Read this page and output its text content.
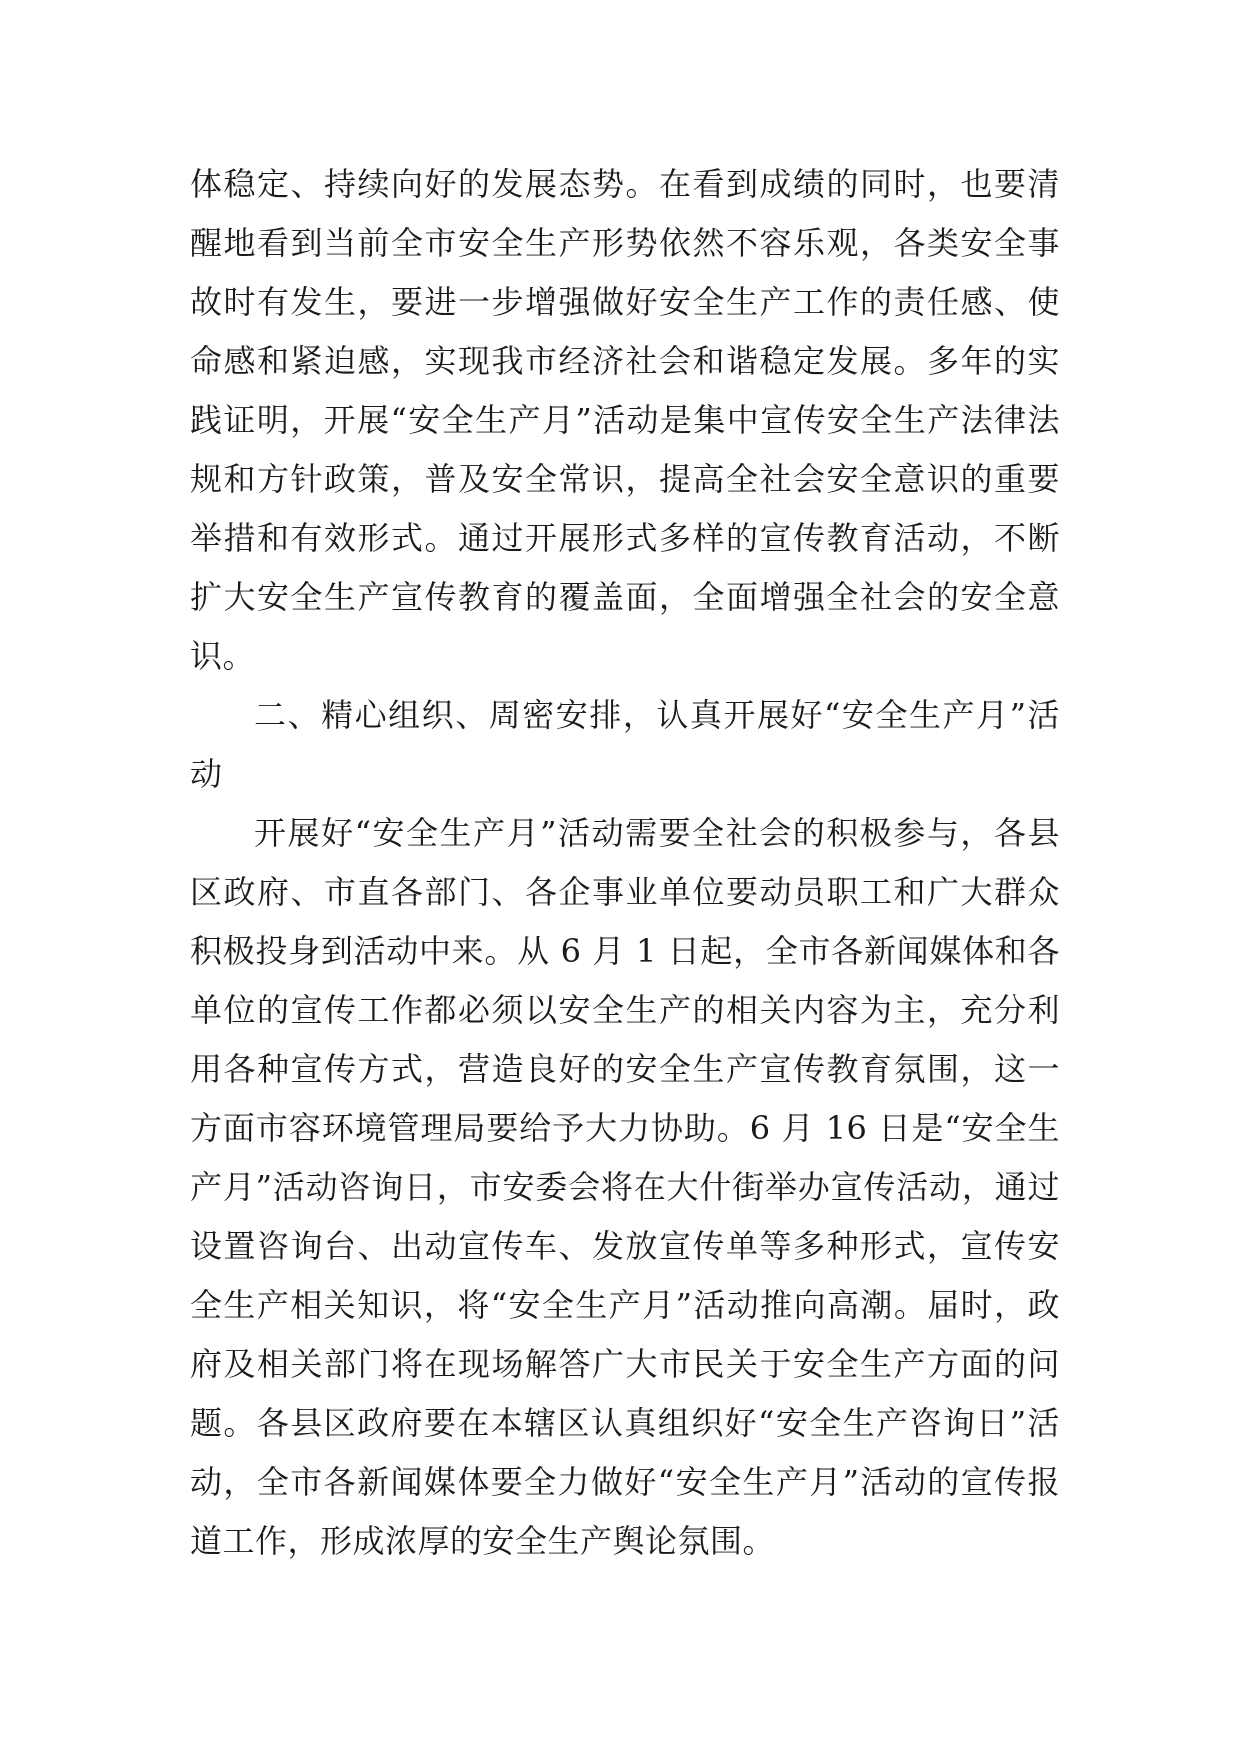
体稳定、持续向好的发展态势。在看到成绩的同时，也要清醒地看到当前全市安全生产形势依然不容乐观，各类安全事故时有发生，要进一步增强做好安全生产工作的责任感、使命感和紧迫感，实现我市经济社会和谐稳定发展。多年的实践证明，开展“安全生产月”活动是集中宣传安全生产法律法规和方针政策，普及安全常识，提高全社会安全意识的重要举措和有效形式。通过开展形式多样的宣传教育活动，不断扩大安全生产宣传教育的覆盖面，全面增强全社会的安全意识。

二、精心组织、周密安排，认真开展好“安全生产月”活动

开展好“安全生产月”活动需要全社会的积极参与，各县区政府、市直各部门、各企事业单位要动员职工和广大群众积极投身到活动中来。从 6 月 1 日起，全市各新闻媒体和各单位的宣传工作都必须以安全生产的相关内容为主，充分利用各种宣传方式，营造良好的安全生产宣传教育氛围，这一方面市容环境管理局要给予大力协助。6 月 16 日是“安全生产月”活动咨询日，市安委会将在大什街举办宣传活动，通过设置咨询台、出动宣传车、发放宣传单等多种形式，宣传安全生产相关知识，将“安全生产月”活动推向高潮。届时，政府及相关部门将在现场解答广大市民关于安全生产方面的问题。各县区政府要在本辖区认真组织好“安全生产咨询日”活动，全市各新闻媒体要全力做好“安全生产月”活动的宣传报道工作，形成浓厚的安全生产舆论氛围。
